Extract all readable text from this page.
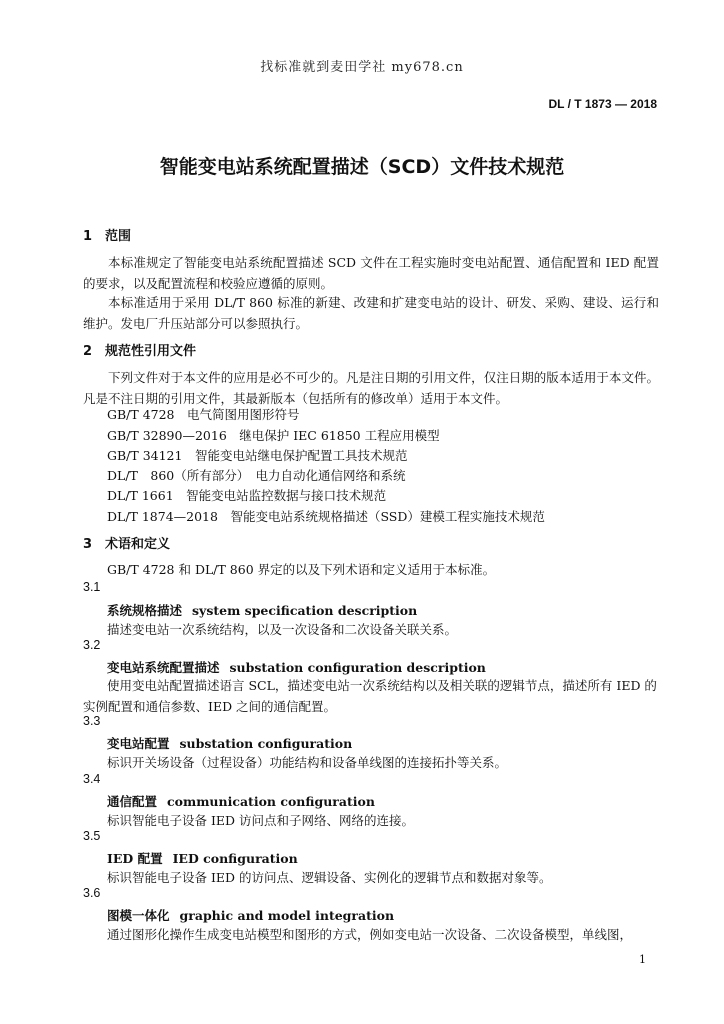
找标准就到麦田学社 my678.cn
DL / T 1873 — 2018
智能变电站系统配置描述（SCD）文件技术规范
1 范围
本标准规定了智能变电站系统配置描述 SCD 文件在工程实施时变电站配置、通信配置和 IED 配置的要求，以及配置流程和校验应遵循的原则。
本标准适用于采用 DL/T 860 标准的新建、改建和扩建变电站的设计、研发、采购、建设、运行和维护。发电厂升压站部分可以参照执行。
2 规范性引用文件
下列文件对于本文件的应用是必不可少的。凡是注日期的引用文件，仅注日期的版本适用于本文件。凡是不注日期的引用文件，其最新版本（包括所有的修改单）适用于本文件。
GB/T 4728　电气简图用图形符号
GB/T 32890—2016　继电保护 IEC 61850 工程应用模型
GB/T 34121　智能变电站继电保护配置工具技术规范
DL/T　860（所有部分）　电力自动化通信网络和系统
DL/T 1661　智能变电站监控数据与接口技术规范
DL/T 1874—2018　智能变电站系统规格描述（SSD）建模工程实施技术规范
3 术语和定义
GB/T 4728 和 DL/T 860 界定的以及下列术语和定义适用于本标准。
3.1
系统规格描述 system specification description
描述变电站一次系统结构，以及一次设备和二次设备关联关系。
3.2
变电站系统配置描述 substation configuration description
使用变电站配置描述语言 SCL，描述变电站一次系统结构以及相关联的逻辑节点，描述所有 IED 的实例配置和通信参数、IED 之间的通信配置。
3.3
变电站配置 substation configuration
标识开关场设备（过程设备）功能结构和设备单线图的连接拓扑等关系。
3.4
通信配置 communication configuration
标识智能电子设备 IED 访问点和子网络、网络的连接。
3.5
IED 配置 IED configuration
标识智能电子设备 IED 的访问点、逻辑设备、实例化的逻辑节点和数据对象等。
3.6
图模一体化 graphic and model integration
通过图形化操作生成变电站模型和图形的方式，例如变电站一次设备、二次设备模型，单线图，
1
